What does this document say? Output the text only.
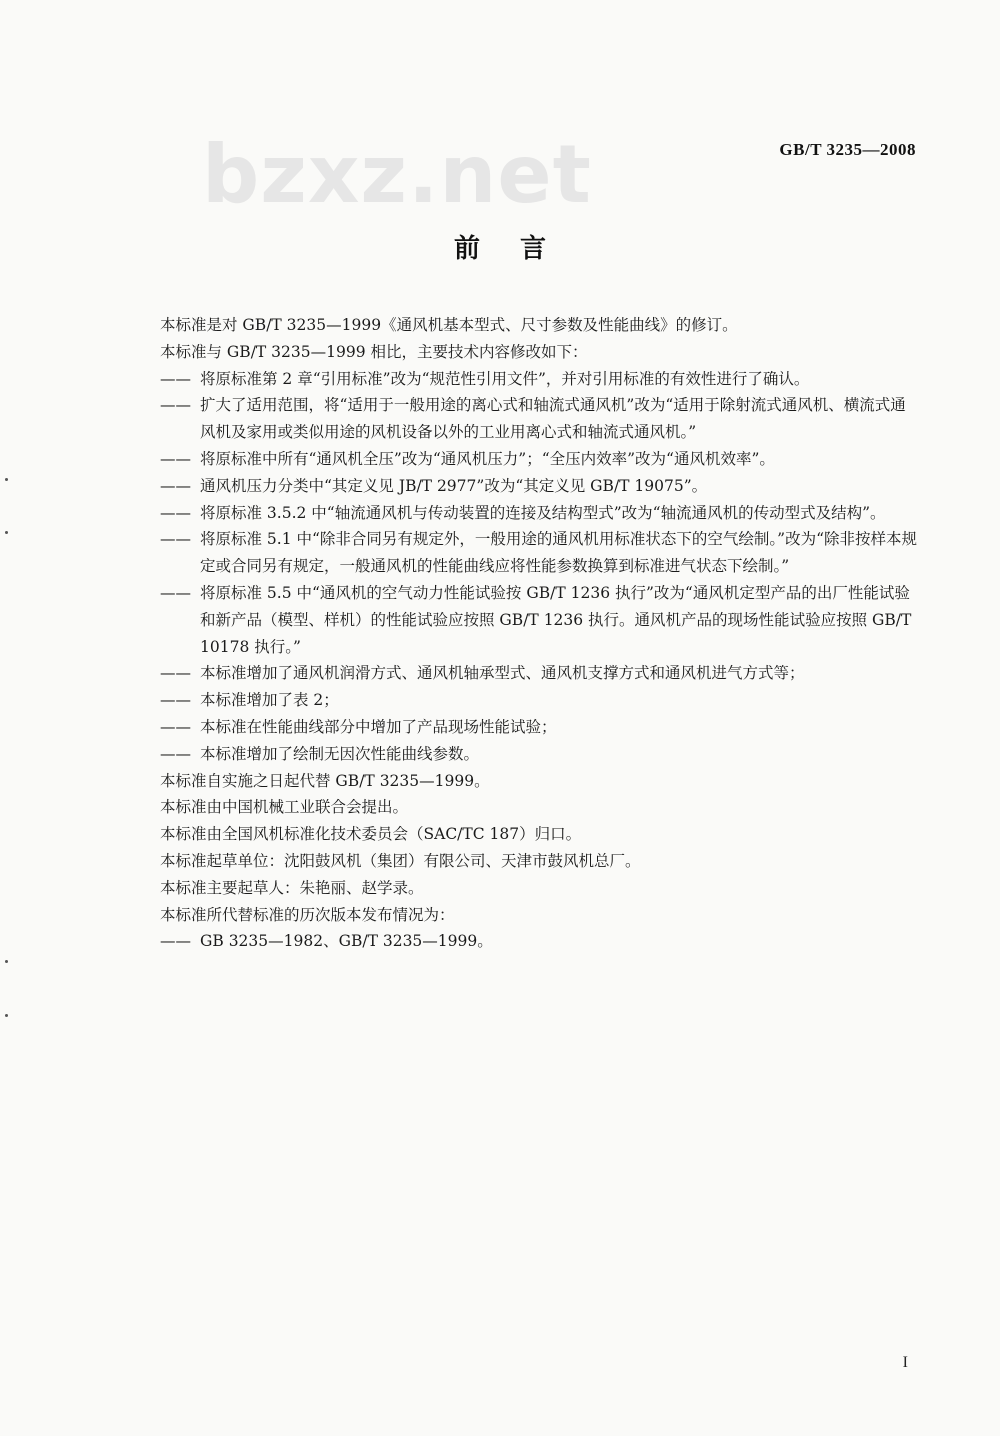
bzxz.net	GB/T 3235—2008
前言

本标准是对 GB/T 3235—1999《通风机基本型式、尺寸参数及性能曲线》的修订。

本标准与 GB/T 3235—1999 相比，主要技术内容修改如下：

—— 将原标准第 2 章“引用标准”改为“规范性引用文件”，并对引用标准的有效性进行了确认。

—— 扩大了适用范围，将“适用于一般用途的离心式和轴流式通风机”改为“适用于除射流式通风机、横流式通风机及家用或类似用途的风机设备以外的工业用离心式和轴流式通风机。”

—— 将原标准中所有“通风机全压”改为“通风机压力”；“全压内效率”改为“通风机效率”。

—— 通风机压力分类中“其定义见 JB/T 2977”改为“其定义见 GB/T 19075”。

—— 将原标准 3.5.2 中“轴流通风机与传动装置的连接及结构型式”改为“轴流通风机的传动型式及结构”。

—— 将原标准 5.1 中“除非合同另有规定外，一般用途的通风机用标准状态下的空气绘制。”改为“除非按样本规定或合同另有规定，一般通风机的性能曲线应将性能参数换算到标准进气状态下绘制。”

—— 将原标准 5.5 中“通风机的空气动力性能试验按 GB/T 1236 执行”改为“通风机定型产品的出厂性能试验和新产品（模型、样机）的性能试验应按照 GB/T 1236 执行。通风机产品的现场性能试验应按照 GB/T 10178 执行。”

—— 本标准增加了通风机润滑方式、通风机轴承型式、通风机支撑方式和通风机进气方式等；

—— 本标准增加了表 2；

—— 本标准在性能曲线部分中增加了产品现场性能试验；

—— 本标准增加了绘制无因次性能曲线参数。

本标准自实施之日起代替 GB/T 3235—1999。

本标准由中国机械工业联合会提出。

本标准由全国风机标准化技术委员会（SAC/TC 187）归口。

本标准起草单位：沈阳鼓风机（集团）有限公司、天津市鼓风机总厂。

本标准主要起草人：朱艳丽、赵学录。

本标准所代替标准的历次版本发布情况为：

—— GB 3235—1982、GB/T 3235—1999。

I
